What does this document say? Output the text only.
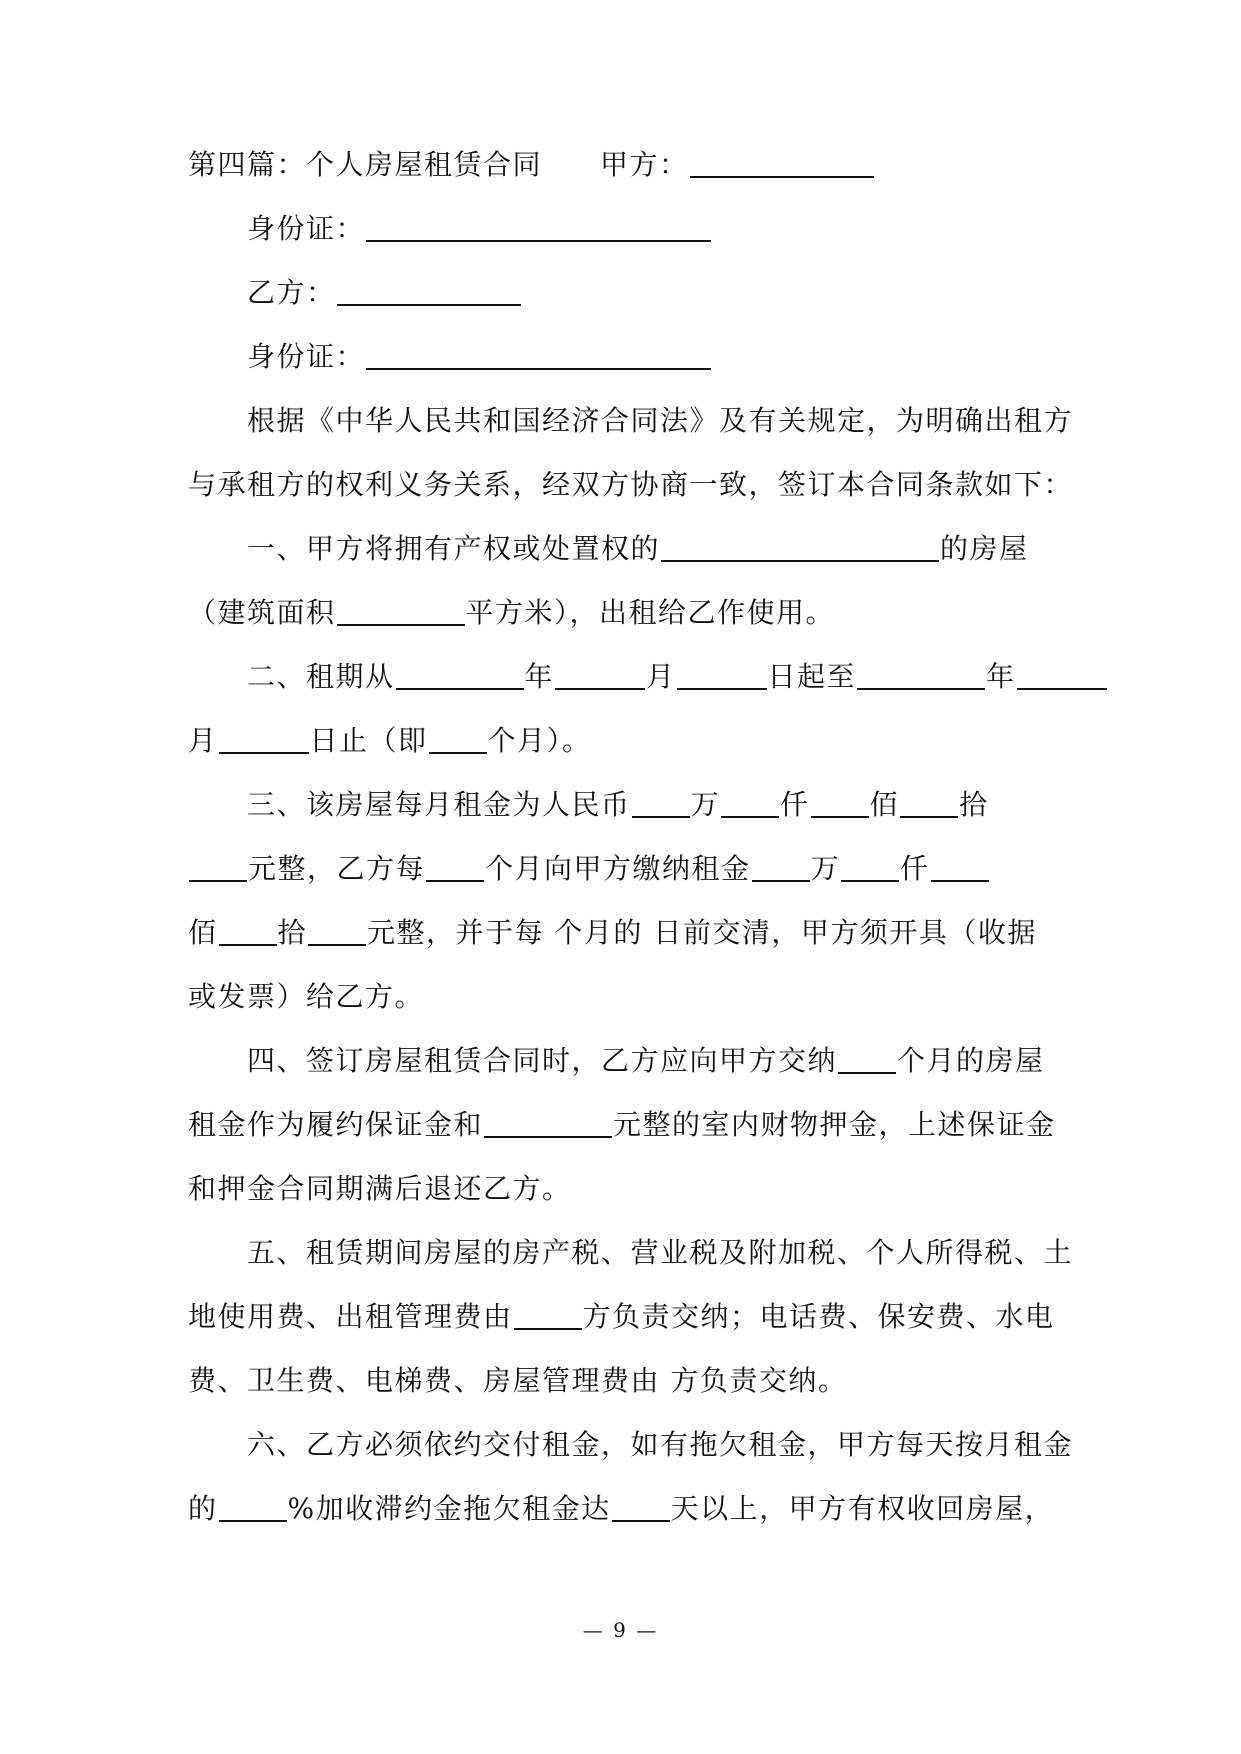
第四篇：个人房屋租赁合同 甲方：
身份证：
乙方：
身份证：
根据《中华人民共和国经济合同法》及有关规定，为明确出租方
与承租方的权利义务关系，经双方协商一致，签订本合同条款如下：
一、甲方将拥有产权或处置权的	的房屋
（建筑面积	平方米），出租给乙作使用。
二、租期从	年	月	日起至	年
月	日止（即 个月）。
三、该房屋每月租金为人民币 万 仟 佰 拾
元整，乙方每 个月向甲方缴纳租金 万 仟
佰 拾 元整，并于每 个月的 日前交清，甲方须开具（收据
或发票）给乙方。
四、签订房屋租赁合同时，乙方应向甲方交纳 个月的房屋
租金作为履约保证金和	元整的室内财物押金，上述保证金
和押金合同期满后退还乙方。
五、租赁期间房屋的房产税、营业税及附加税、个人所得税、土
地使用费、出租管理费由	方负责交纳；电话费、保安费、水电
费、卫生费、电梯费、房屋管理费由 方负责交纳。
六、乙方必须依约交付租金，如有拖欠租金，甲方每天按月租金
的	%加收滞约金拖欠租金达 天以上，甲方有权收回房屋，
— 9 —
